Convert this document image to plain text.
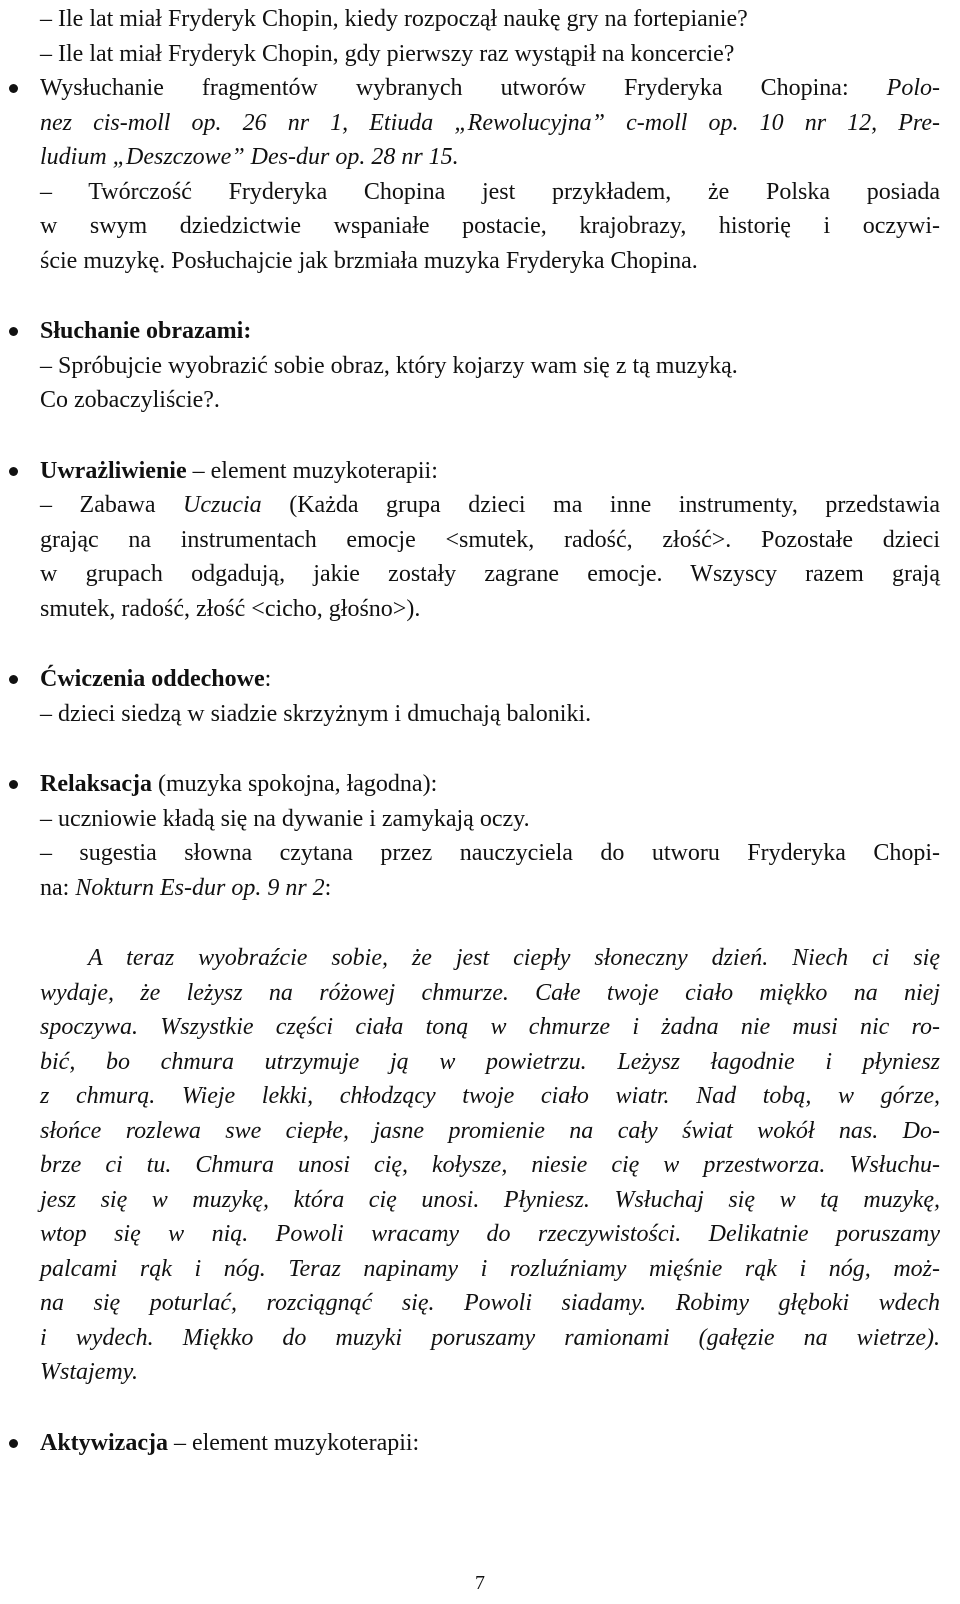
– Ile lat miał Fryderyk Chopin, kiedy rozpoczął naukę gry na fortepianie?
– Ile lat miał Fryderyk Chopin, gdy pierwszy raz wystąpił na koncercie?
Wysłuchanie fragmentów wybranych utworów Fryderyka Chopina: Polo-
nez cis-moll op. 26 nr 1, Etiuda „Rewolucyjna” c-moll op. 10 nr 12, Pre-
ludium „Deszczowe” Des-dur op. 28 nr 15.
– Twórczość Fryderyka Chopina jest przykładem, że Polska posiada
w swym dziedzictwie wspaniałe postacie, krajobrazy, historię i oczywi-
ście muzykę. Posłuchajcie jak brzmiała muzyka Fryderyka Chopina.
Słuchanie obrazami:
– Spróbujcie wyobrazić sobie obraz, który kojarzy wam się z tą muzyką.
Co zobaczyliście?.
Uwrażliwienie – element muzykoterapii:
– Zabawa Uczucia (Każda grupa dzieci ma inne instrumenty, przedstawia
grając na instrumentach emocje <smutek, radość, złość>. Pozostałe dzieci
w grupach odgadują, jakie zostały zagrane emocje. Wszyscy razem grają
smutek, radość, złość <cicho, głośno>).
Ćwiczenia oddechowe:
– dzieci siedzą w siadzie skrzyżnym i dmuchają baloniki.
Relaksacja (muzyka spokojna, łagodna):
– uczniowie kładą się na dywanie i zamykają oczy.
– sugestia słowna czytana przez nauczyciela do utworu Fryderyka Chopi-
na: Nokturn Es-dur op. 9 nr 2:
A teraz wyobraźcie sobie, że jest ciepły słoneczny dzień. Niech ci się
wydaje, że leżysz na różowej chmurze. Całe twoje ciało miękko na niej
spoczywa. Wszystkie części ciała toną w chmurze i żadna nie musi nic ro-
bić, bo chmura utrzymuje ją w powietrzu. Leżysz łagodnie i płyniesz
z chmurą. Wieje lekki, chłodzący twoje ciało wiatr. Nad tobą, w górze,
słońce rozlewa swe ciepłe, jasne promienie na cały świat wokół nas. Do-
brze ci tu. Chmura unosi cię, kołysze, niesie cię w przestworza. Wsłuchu-
jesz się w muzykę, która cię unosi. Płyniesz. Wsłuchaj się w tą muzykę,
wtop się w nią. Powoli wracamy do rzeczywistości. Delikatnie poruszamy
palcami rąk i nóg. Teraz napinamy i rozluźniamy mięśnie rąk i nóg, moż-
na się poturlać, rozciągnąć się. Powoli siadamy. Robimy głęboki wdech
i wydech. Miękko do muzyki poruszamy ramionami (gałęzie na wietrze).
Wstajemy.
Aktywizacja – element muzykoterapii:
7
